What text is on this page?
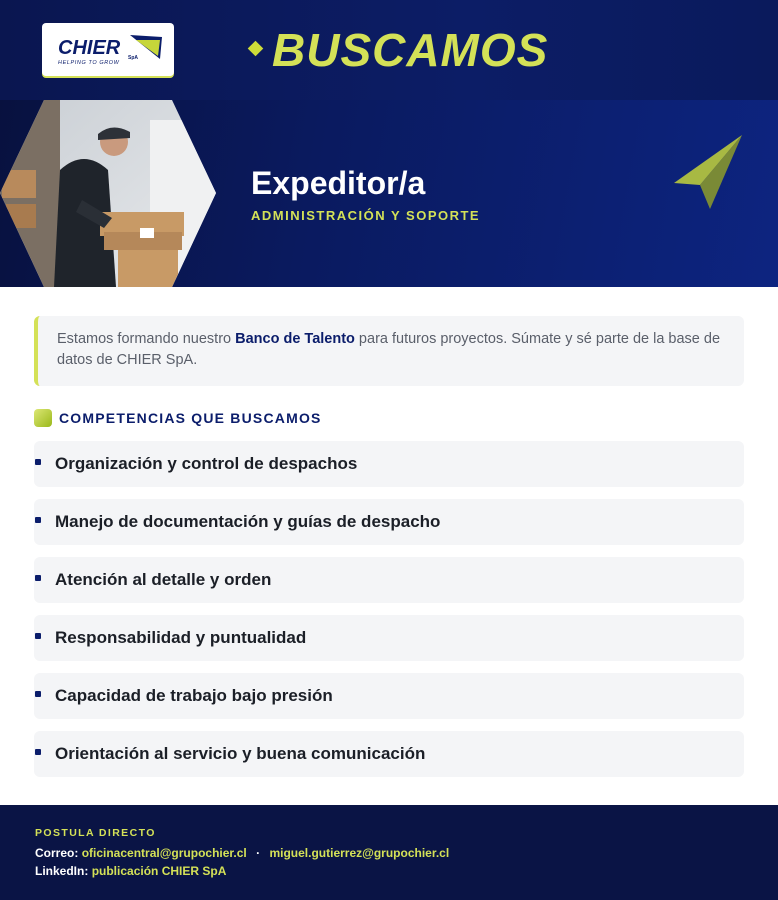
CHIER SpA
HELPING TO GROW	BUSCAMOS
Expeditor/a
ADMINISTRACIÓN Y SOPORTE
Estamos formando nuestro Banco de Talento para futuros proyectos. Súmate y sé parte de la base de datos de CHIER SpA.
COMPETENCIAS QUE BUSCAMOS
Organización y control de despachos
Manejo de documentación y guías de despacho
Atención al detalle y orden
Responsabilidad y puntualidad
Capacidad de trabajo bajo presión
Orientación al servicio y buena comunicación
POSTULA DIRECTO
Correo: oficinacentral@grupochier.cl · miguel.gutierrez@grupochier.cl
LinkedIn: publicación CHIER SpA
